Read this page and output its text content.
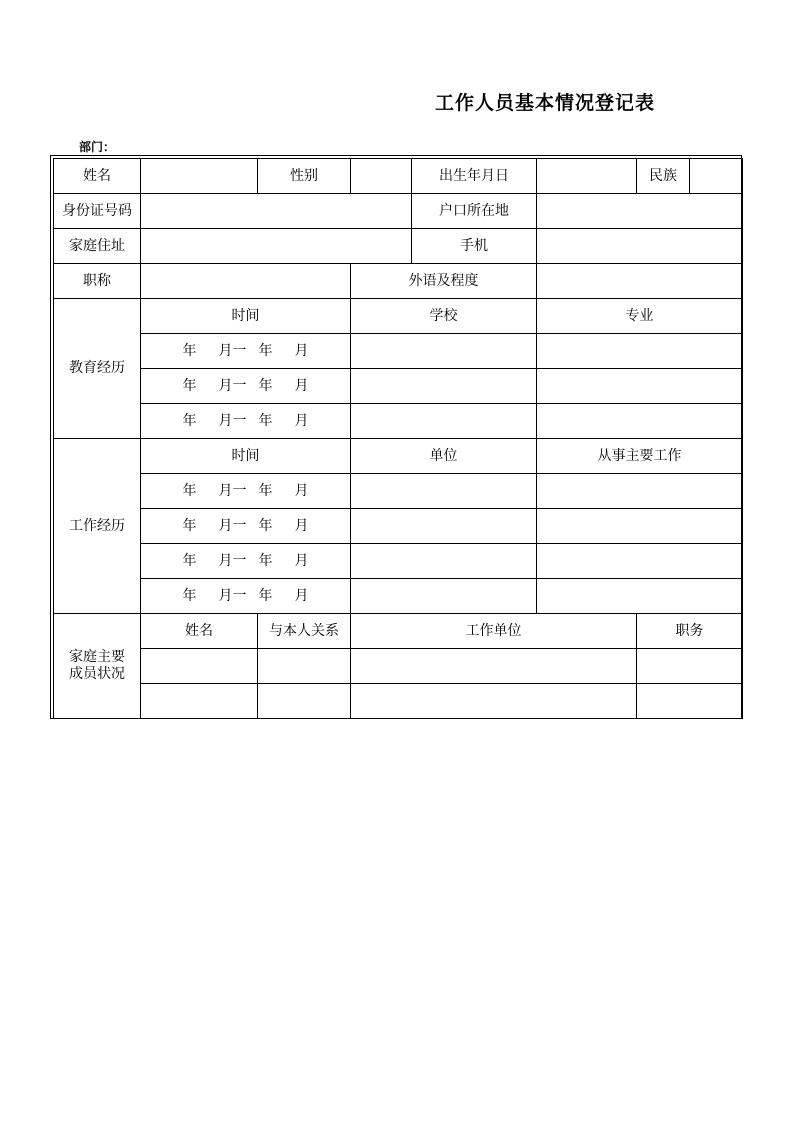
工作人员基本情况登记表
部门：
姓名		性别		出生年月日		民族	
身份证号码				户口所在地			
家庭住址				手机			
职称			外语及程度				
教育经历	时间		学校		专业		
	年 月一 年 月						
	年 月一 年 月						
	年 月一 年 月						
工作经历	时间		单位		从事主要工作		
	年 月一 年 月						
	年 月一 年 月						
	年 月一 年 月						
	年 月一 年 月						

家庭主要
成员状况	姓名	与本人关系	工作单位			职务	
